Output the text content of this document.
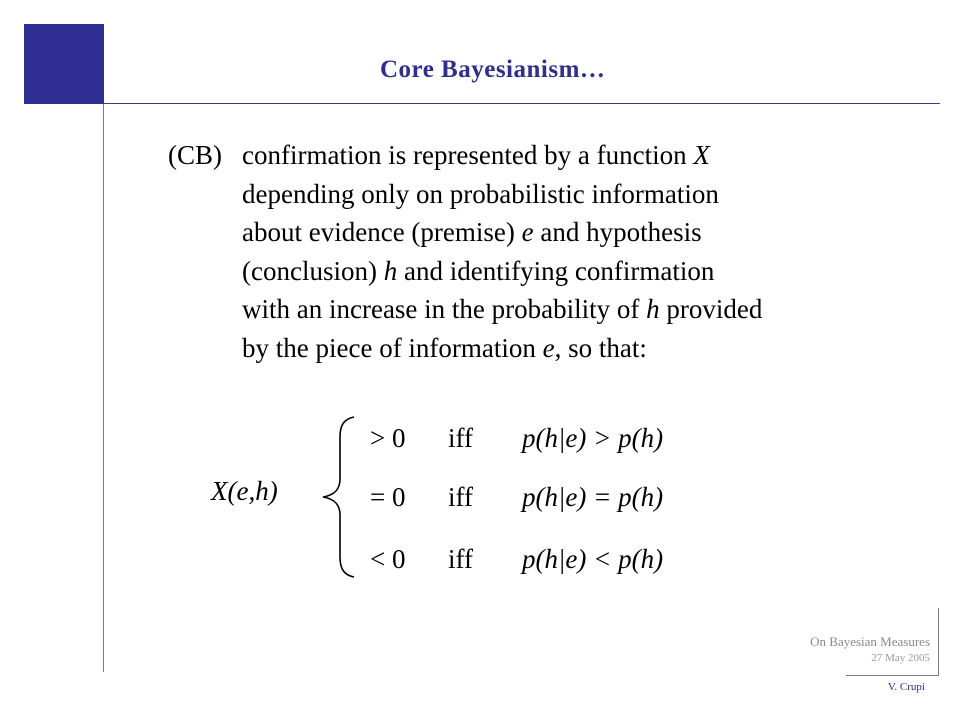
Core Bayesianism…
(CB) confirmation is represented by a function X
depending only on probabilistic information
about evidence (premise) e and hypothesis
(conclusion) h and identifying confirmation
with an increase in the probability of h provided
by the piece of information e, so that:
X(e,h)
> 0 iff p(h|e) > p(h)
= 0 iff p(h|e) = p(h)
< 0 iff p(h|e) < p(h)
On Bayesian Measures
27 May 2005
V. Crupi
